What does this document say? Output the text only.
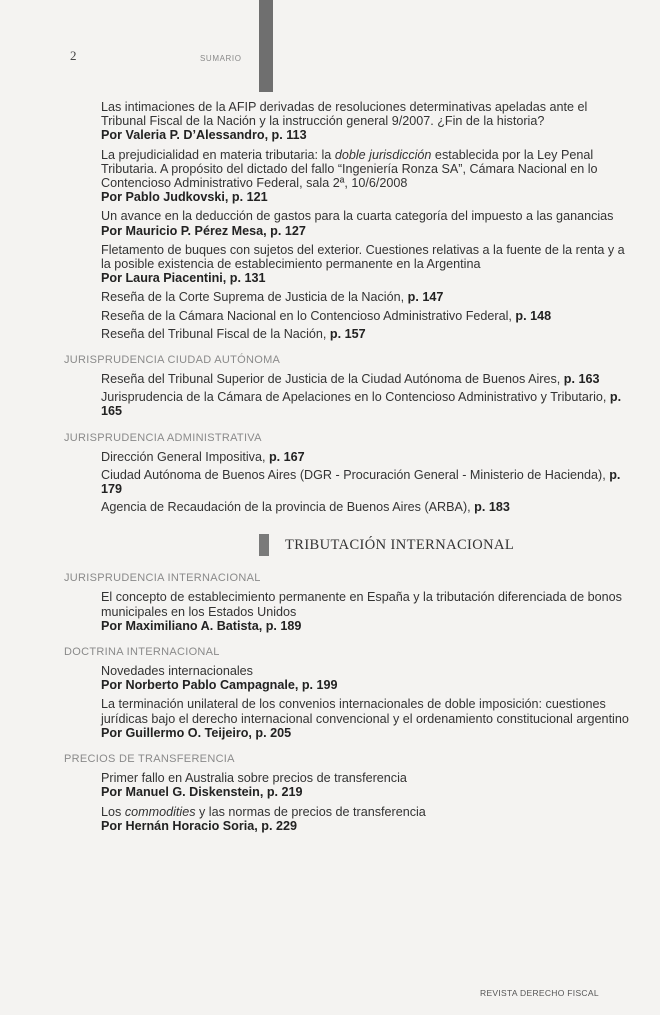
2	SUMARIO
Las intimaciones de la AFIP derivadas de resoluciones determinativas apeladas ante el Tribunal Fiscal de la Nación y la instrucción general 9/2007. ¿Fin de la historia?
Por Valeria P. D’Alessandro, p. 113
La prejudicialidad en materia tributaria: la doble jurisdicción establecida por la Ley Penal Tributaria. A propósito del dictado del fallo “Ingeniería Ronza SA”, Cámara Nacional en lo Contencioso Administrativo Federal, sala 2ª, 10/6/2008
Por Pablo Judkovski, p. 121
Un avance en la deducción de gastos para la cuarta categoría del impuesto a las ganancias
Por Mauricio P. Pérez Mesa, p. 127
Fletamento de buques con sujetos del exterior. Cuestiones relativas a la fuente de la renta y a la posible existencia de establecimiento permanente en la Argentina
Por Laura Piacentini, p. 131
Reseña de la Corte Suprema de Justicia de la Nación, p. 147
Reseña de la Cámara Nacional en lo Contencioso Administrativo Federal, p. 148
Reseña del Tribunal Fiscal de la Nación, p. 157
JURISPRUDENCIA CIUDAD AUTÓNOMA
Reseña del Tribunal Superior de Justicia de la Ciudad Autónoma de Buenos Aires, p. 163
Jurisprudencia de la Cámara de Apelaciones en lo Contencioso Administrativo y Tributario, p. 165
JURISPRUDENCIA ADMINISTRATIVA
Dirección General Impositiva, p. 167
Ciudad Autónoma de Buenos Aires (DGR - Procuración General - Ministerio de Hacienda), p. 179
Agencia de Recaudación de la provincia de Buenos Aires (ARBA), p. 183
TRIBUTACIÓN INTERNACIONAL
JURISPRUDENCIA INTERNACIONAL
El concepto de establecimiento permanente en España y la tributación diferenciada de bonos municipales en los Estados Unidos
Por Maximiliano A. Batista, p. 189
DOCTRINA INTERNACIONAL
Novedades internacionales
Por Norberto Pablo Campagnale, p. 199
La terminación unilateral de los convenios internacionales de doble imposición: cuestiones jurídicas bajo el derecho internacional convencional y el ordenamiento constitucional argentino
Por Guillermo O. Teijeiro, p. 205
PRECIOS DE TRANSFERENCIA
Primer fallo en Australia sobre precios de transferencia
Por Manuel G. Diskenstein, p. 219
Los commodities y las normas de precios de transferencia
Por Hernán Horacio Soria, p. 229
REVISTA DERECHO FISCAL
